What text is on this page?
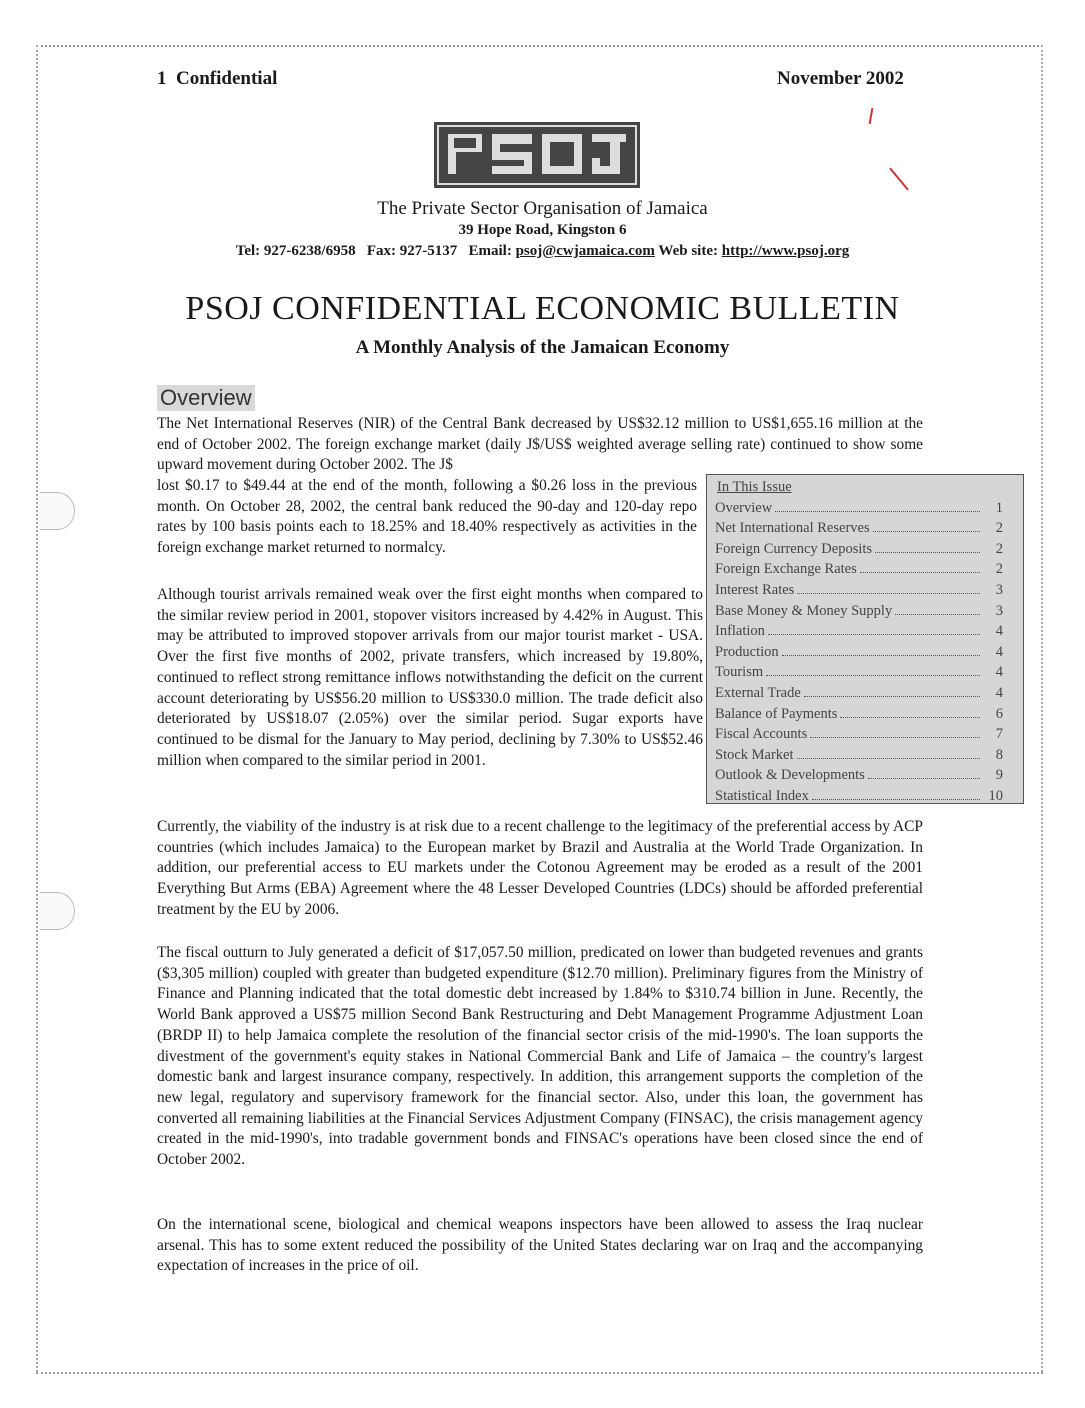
1  Confidential	November 2002
PSOJ
The Private Sector Organisation of Jamaica
39 Hope Road, Kingston 6
Tel: 927-6238/6958 Fax: 927-5137 Email: psoj@cwjamaica.com Web site: http://www.psoj.org
PSOJ CONFIDENTIAL ECONOMIC BULLETIN
A Monthly Analysis of the Jamaican Economy
Overview
The Net International Reserves (NIR) of the Central Bank decreased by US$32.12 million to US$1,655.16 million at the end of October 2002. The foreign exchange market (daily J$/US$ weighted average selling rate) continued to show some upward movement during October 2002. The J$
lost $0.17 to $49.44 at the end of the month, following a $0.26 loss in the previous month. On October 28, 2002, the central bank reduced the 90-day and 120-day repo rates by 100 basis points each to 18.25% and 18.40% respectively as activities in the foreign exchange market returned to normalcy.
Although tourist arrivals remained weak over the first eight months when compared to the similar review period in 2001, stopover visitors increased by 4.42% in August. This may be attributed to improved stopover arrivals from our major tourist market - USA. Over the first five months of 2002, private transfers, which increased by 19.80%, continued to reflect strong remittance inflows notwithstanding the deficit on the current account deteriorating by US$56.20 million to US$330.0 million. The trade deficit also deteriorated by US$18.07 (2.05%) over the similar period. Sugar exports have continued to be dismal for the January to May period, declining by 7.30% to US$52.46 million when compared to the similar period in 2001.
Currently, the viability of the industry is at risk due to a recent challenge to the legitimacy of the preferential access by ACP countries (which includes Jamaica) to the European market by Brazil and Australia at the World Trade Organization. In addition, our preferential access to EU markets under the Cotonou Agreement may be eroded as a result of the 2001 Everything But Arms (EBA) Agreement where the 48 Lesser Developed Countries (LDCs) should be afforded preferential treatment by the EU by 2006.
The fiscal outturn to July generated a deficit of $17,057.50 million, predicated on lower than budgeted revenues and grants ($3,305 million) coupled with greater than budgeted expenditure ($12.70 million). Preliminary figures from the Ministry of Finance and Planning indicated that the total domestic debt increased by 1.84% to $310.74 billion in June. Recently, the World Bank approved a US$75 million Second Bank Restructuring and Debt Management Programme Adjustment Loan (BRDP II) to help Jamaica complete the resolution of the financial sector crisis of the mid-1990's. The loan supports the divestment of the government's equity stakes in National Commercial Bank and Life of Jamaica – the country's largest domestic bank and largest insurance company, respectively. In addition, this arrangement supports the completion of the new legal, regulatory and supervisory framework for the financial sector. Also, under this loan, the government has converted all remaining liabilities at the Financial Services Adjustment Company (FINSAC), the crisis management agency created in the mid-1990's, into tradable government bonds and FINSAC's operations have been closed since the end of October 2002.
On the international scene, biological and chemical weapons inspectors have been allowed to assess the Iraq nuclear arsenal. This has to some extent reduced the possibility of the United States declaring war on Iraq and the accompanying expectation of increases in the price of oil.
In This Issue
Overview	1
Net International Reserves	2
Foreign Currency Deposits	2
Foreign Exchange Rates	2
Interest Rates	3
Base Money & Money Supply	3
Inflation	4
Production	4
Tourism	4
External Trade	4
Balance of Payments	6
Fiscal Accounts	7
Stock Market	8
Outlook & Developments	9
Statistical Index	10
